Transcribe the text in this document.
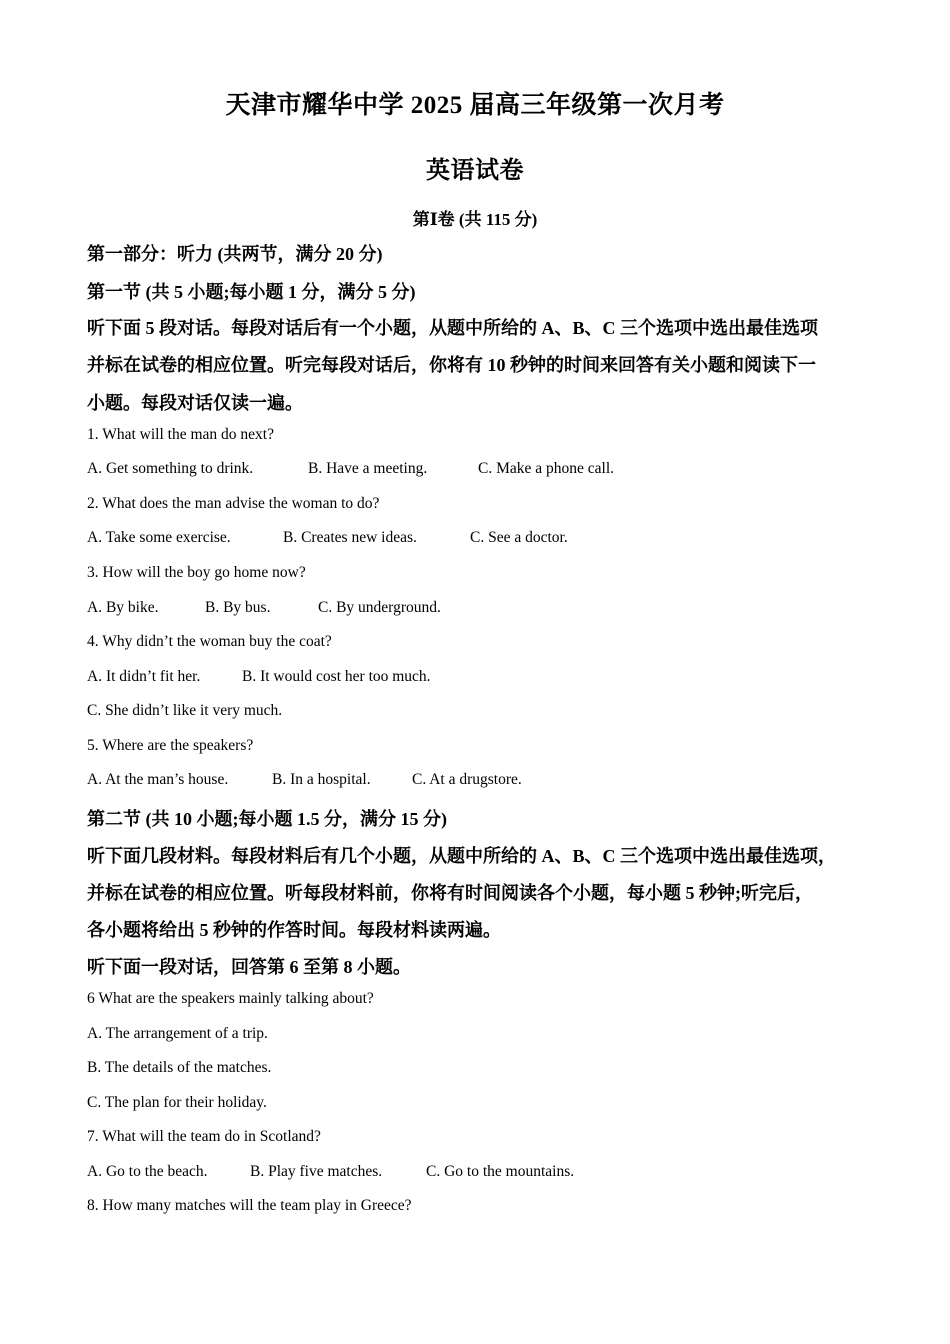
天津市耀华中学 2025 届高三年级第一次月考
英语试卷
第Ⅰ卷 (共 115 分)
第一部分：听力 (共两节，满分 20 分)
第一节 (共 5 小题;每小题 1 分，满分 5 分)
听下面 5 段对话。每段对话后有一个小题，从题中所给的 A、B、C 三个选项中选出最佳选项
并标在试卷的相应位置。听完每段对话后，你将有 10 秒钟的时间来回答有关小题和阅读下一
小题。每段对话仅读一遍。
1. What will the man do next?
A. Get something to drink.	B. Have a meeting.	C. Make a phone call.
2. What does the man advise the woman to do?
A. Take some exercise.	B. Creates new ideas.	C. See a doctor.
3. How will the boy go home now?
A. By bike.	B. By bus.	C. By underground.
4. Why didn’t the woman buy the coat?
A. It didn’t fit her.	B. It would cost her too much.
C. She didn’t like it very much.
5. Where are the speakers?
A. At the man’s house.	B. In a hospital.	C. At a drugstore.
第二节 (共 10 小题;每小题 1.5 分，满分 15 分)
听下面几段材料。每段材料后有几个小题，从题中所给的 A、B、C 三个选项中选出最佳选项，
并标在试卷的相应位置。听每段材料前，你将有时间阅读各个小题，每小题 5 秒钟;听完后，
各小题将给出 5 秒钟的作答时间。每段材料读两遍。
听下面一段对话，回答第 6 至第 8 小题。
6 What are the speakers mainly talking about?
A. The arrangement of a trip.
B. The details of the matches.
C. The plan for their holiday.
7. What will the team do in Scotland?
A. Go to the beach.	B. Play five matches.	C. Go to the mountains.
8. How many matches will the team play in Greece?
